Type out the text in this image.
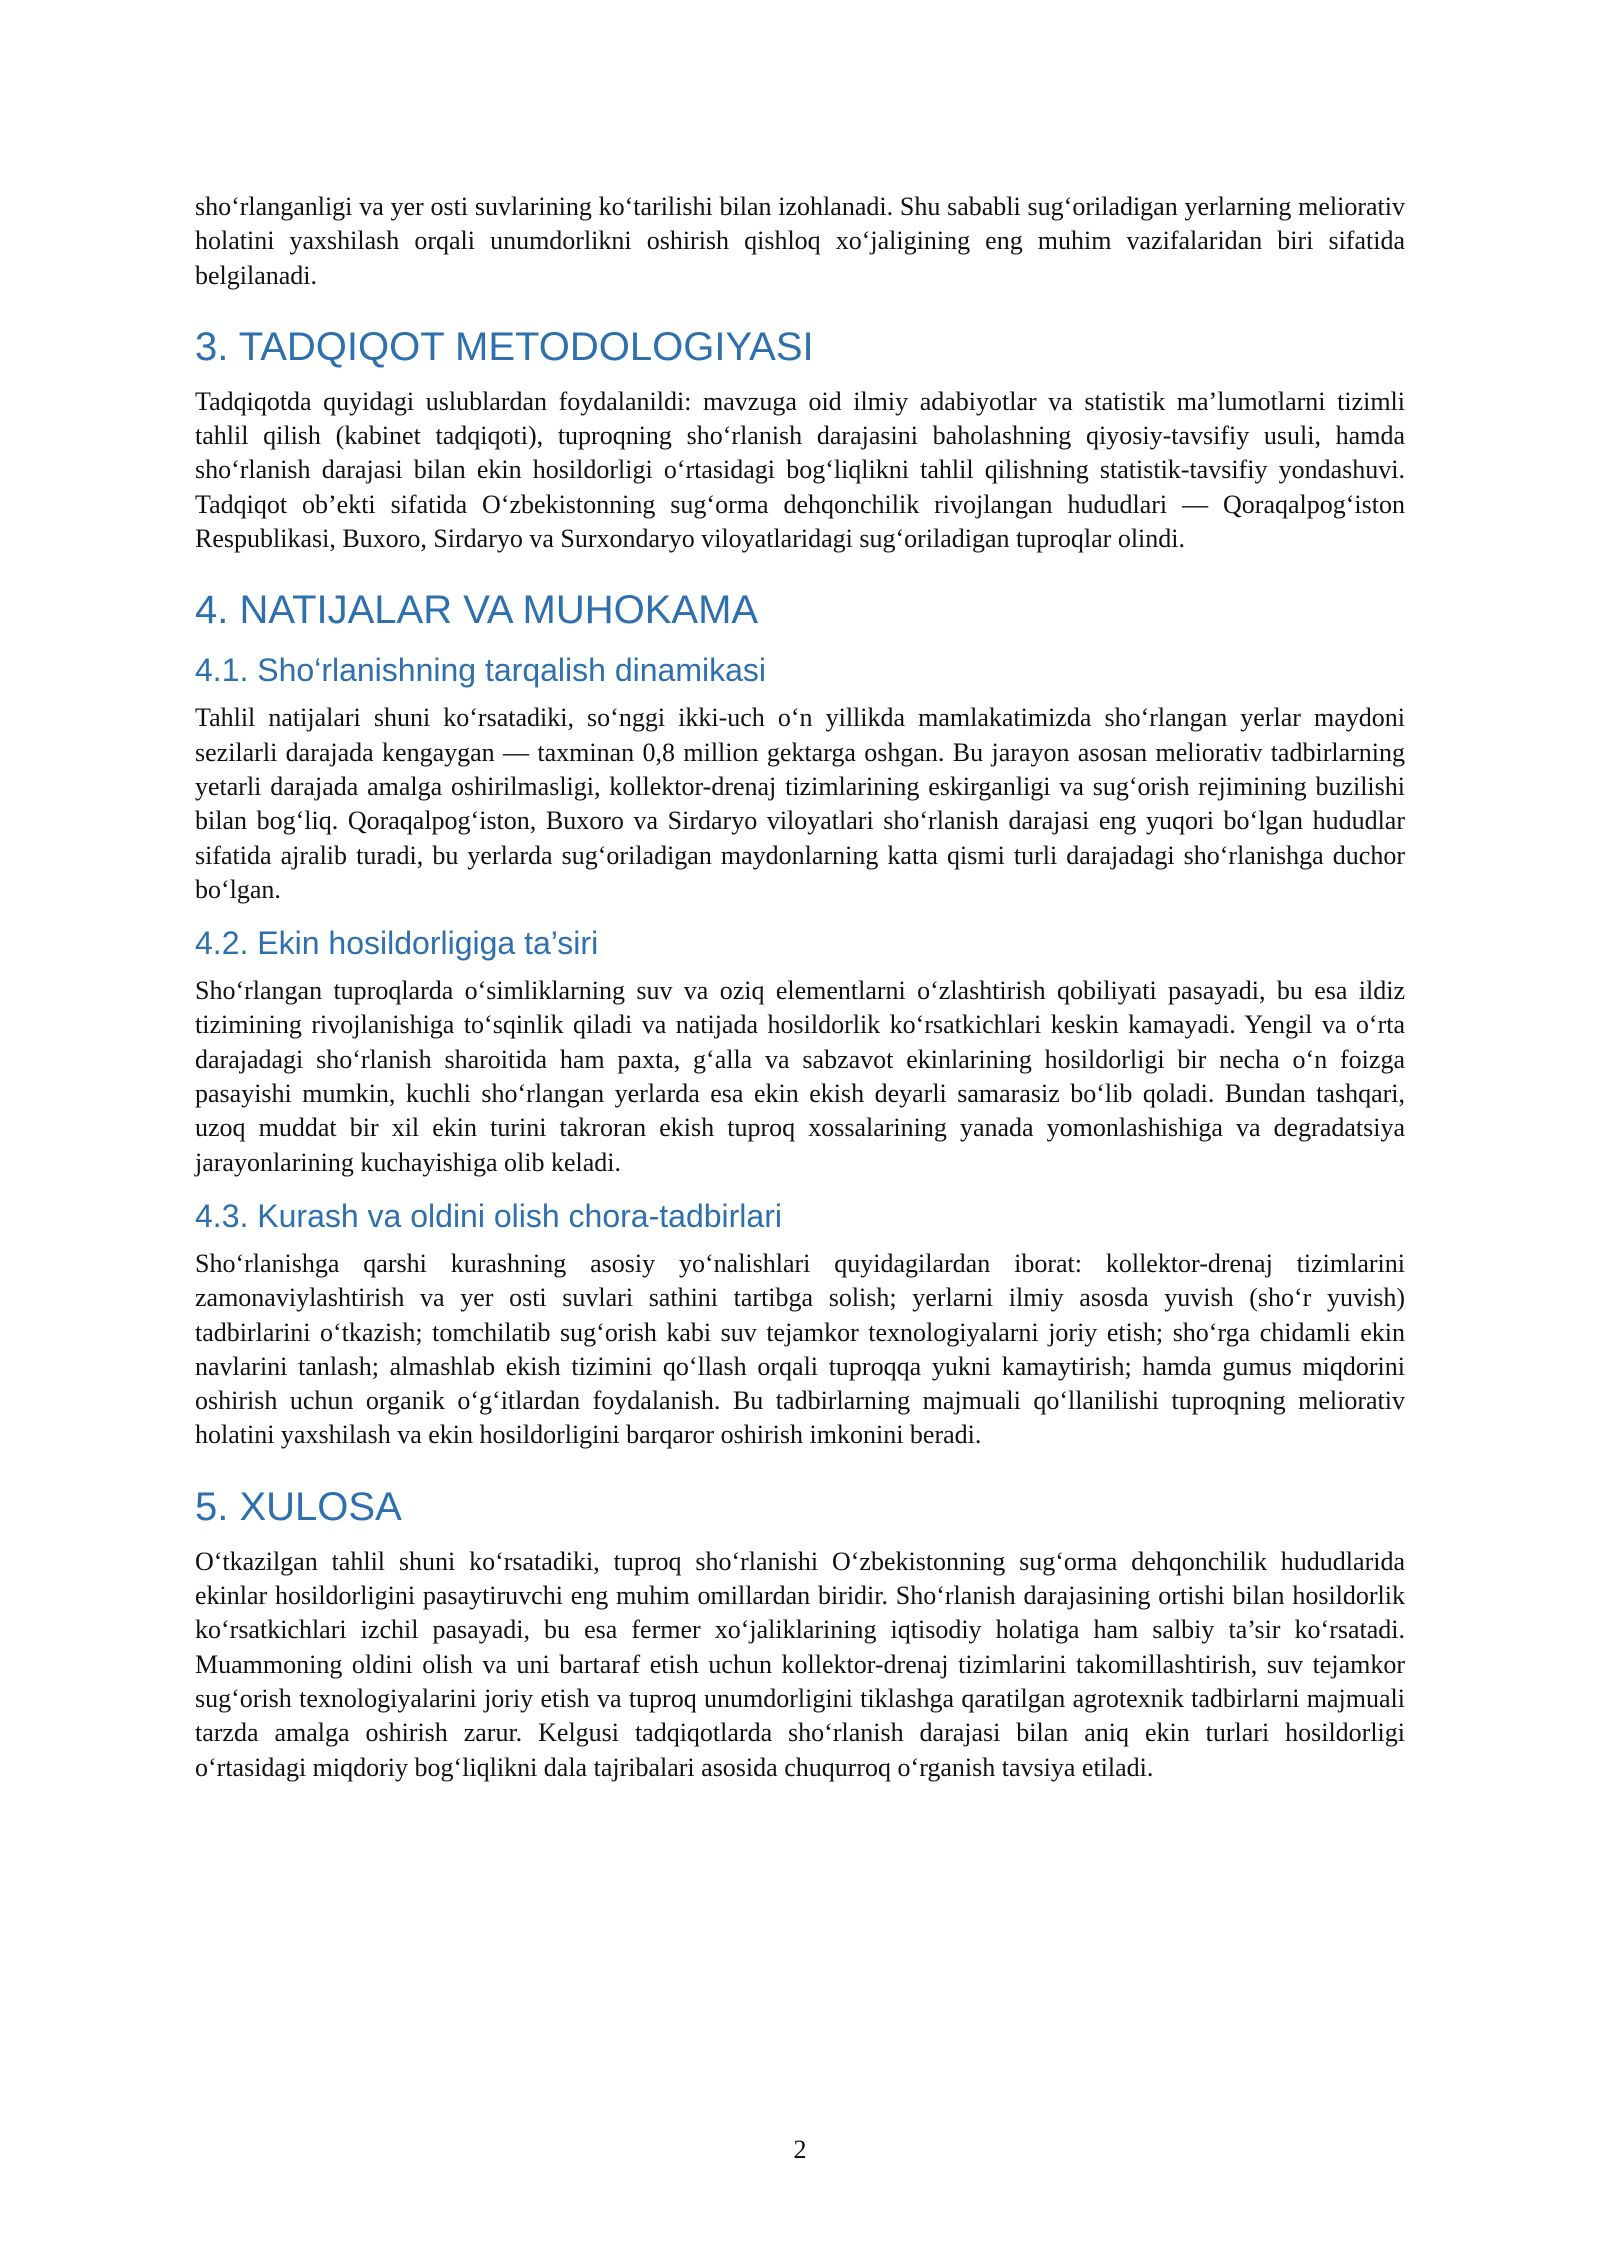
sho‘rlanganligi va yer osti suvlarining ko‘tarilishi bilan izohlanadi. Shu sababli sug‘oriladigan yerlarning meliorativ holatini yaxshilash orqali unumdorlikni oshirish qishloq xo‘jaligining eng muhim vazifalaridan biri sifatida belgilanadi.

3. TADQIQOT METODOLOGIYASI

Tadqiqotda quyidagi uslublardan foydalanildi: mavzuga oid ilmiy adabiyotlar va statistik ma’lumotlarni tizimli tahlil qilish (kabinet tadqiqoti), tuproqning sho‘rlanish darajasini baholashning qiyosiy-tavsifiy usuli, hamda sho‘rlanish darajasi bilan ekin hosildorligi o‘rtasidagi bog‘liqlikni tahlil qilishning statistik-tavsifiy yondashuvi. Tadqiqot ob’ekti sifatida O‘zbekistonning sug‘orma dehqonchilik rivojlangan hududlari — Qoraqalpog‘iston Respublikasi, Buxoro, Sirdaryo va Surxondaryo viloyatlaridagi sug‘oriladigan tuproqlar olindi.

4. NATIJALAR VA MUHOKAMA
4.1. Sho‘rlanishning tarqalish dinamikasi

Tahlil natijalari shuni ko‘rsatadiki, so‘nggi ikki-uch o‘n yillikda mamlakatimizda sho‘rlangan yerlar maydoni sezilarli darajada kengaygan — taxminan 0,8 million gektarga oshgan. Bu jarayon asosan meliorativ tadbirlarning yetarli darajada amalga oshirilmasligi, kollektor-drenaj tizimlarining eskirganligi va sug‘orish rejimining buzilishi bilan bog‘liq. Qoraqalpog‘iston, Buxoro va Sirdaryo viloyatlari sho‘rlanish darajasi eng yuqori bo‘lgan hududlar sifatida ajralib turadi, bu yerlarda sug‘oriladigan maydonlarning katta qismi turli darajadagi sho‘rlanishga duchor bo‘lgan.

4.2. Ekin hosildorligiga ta’siri

Sho‘rlangan tuproqlarda o‘simliklarning suv va oziq elementlarni o‘zlashtirish qobiliyati pasayadi, bu esa ildiz tizimining rivojlanishiga to‘sqinlik qiladi va natijada hosildorlik ko‘rsatkichlari keskin kamayadi. Yengil va o‘rta darajadagi sho‘rlanish sharoitida ham paxta, g‘alla va sabzavot ekinlarining hosildorligi bir necha o‘n foizga pasayishi mumkin, kuchli sho‘rlangan yerlarda esa ekin ekish deyarli samarasiz bo‘lib qoladi. Bundan tashqari, uzoq muddat bir xil ekin turini takroran ekish tuproq xossalarining yanada yomonlashishiga va degradatsiya jarayonlarining kuchayishiga olib keladi.

4.3. Kurash va oldini olish chora-tadbirlari

Sho‘rlanishga qarshi kurashning asosiy yo‘nalishlari quyidagilardan iborat: kollektor-drenaj tizimlarini zamonaviylashtirish va yer osti suvlari sathini tartibga solish; yerlarni ilmiy asosda yuvish (sho‘r yuvish) tadbirlarini o‘tkazish; tomchilatib sug‘orish kabi suv tejamkor texnologiyalarni joriy etish; sho‘rga chidamli ekin navlarini tanlash; almashlab ekish tizimini qo‘llash orqali tuproqqa yukni kamaytirish; hamda gumus miqdorini oshirish uchun organik o‘g‘itlardan foydalanish. Bu tadbirlarning majmuali qo‘llanilishi tuproqning meliorativ holatini yaxshilash va ekin hosildorligini barqaror oshirish imkonini beradi.

5. XULOSA

O‘tkazilgan tahlil shuni ko‘rsatadiki, tuproq sho‘rlanishi O‘zbekistonning sug‘orma dehqonchilik hududlarida ekinlar hosildorligini pasaytiruvchi eng muhim omillardan biridir. Sho‘rlanish darajasining ortishi bilan hosildorlik ko‘rsatkichlari izchil pasayadi, bu esa fermer xo‘jaliklarining iqtisodiy holatiga ham salbiy ta’sir ko‘rsatadi. Muammoning oldini olish va uni bartaraf etish uchun kollektor-drenaj tizimlarini takomillashtirish, suv tejamkor sug‘orish texnologiyalarini joriy etish va tuproq unumdorligini tiklashga qaratilgan agrotexnik tadbirlarni majmuali tarzda amalga oshirish zarur. Kelgusi tadqiqotlarda sho‘rlanish darajasi bilan aniq ekin turlari hosildorligi o‘rtasidagi miqdoriy bog‘liqlikni dala tajribalari asosida chuqurroq o‘rganish tavsiya etiladi.

2
